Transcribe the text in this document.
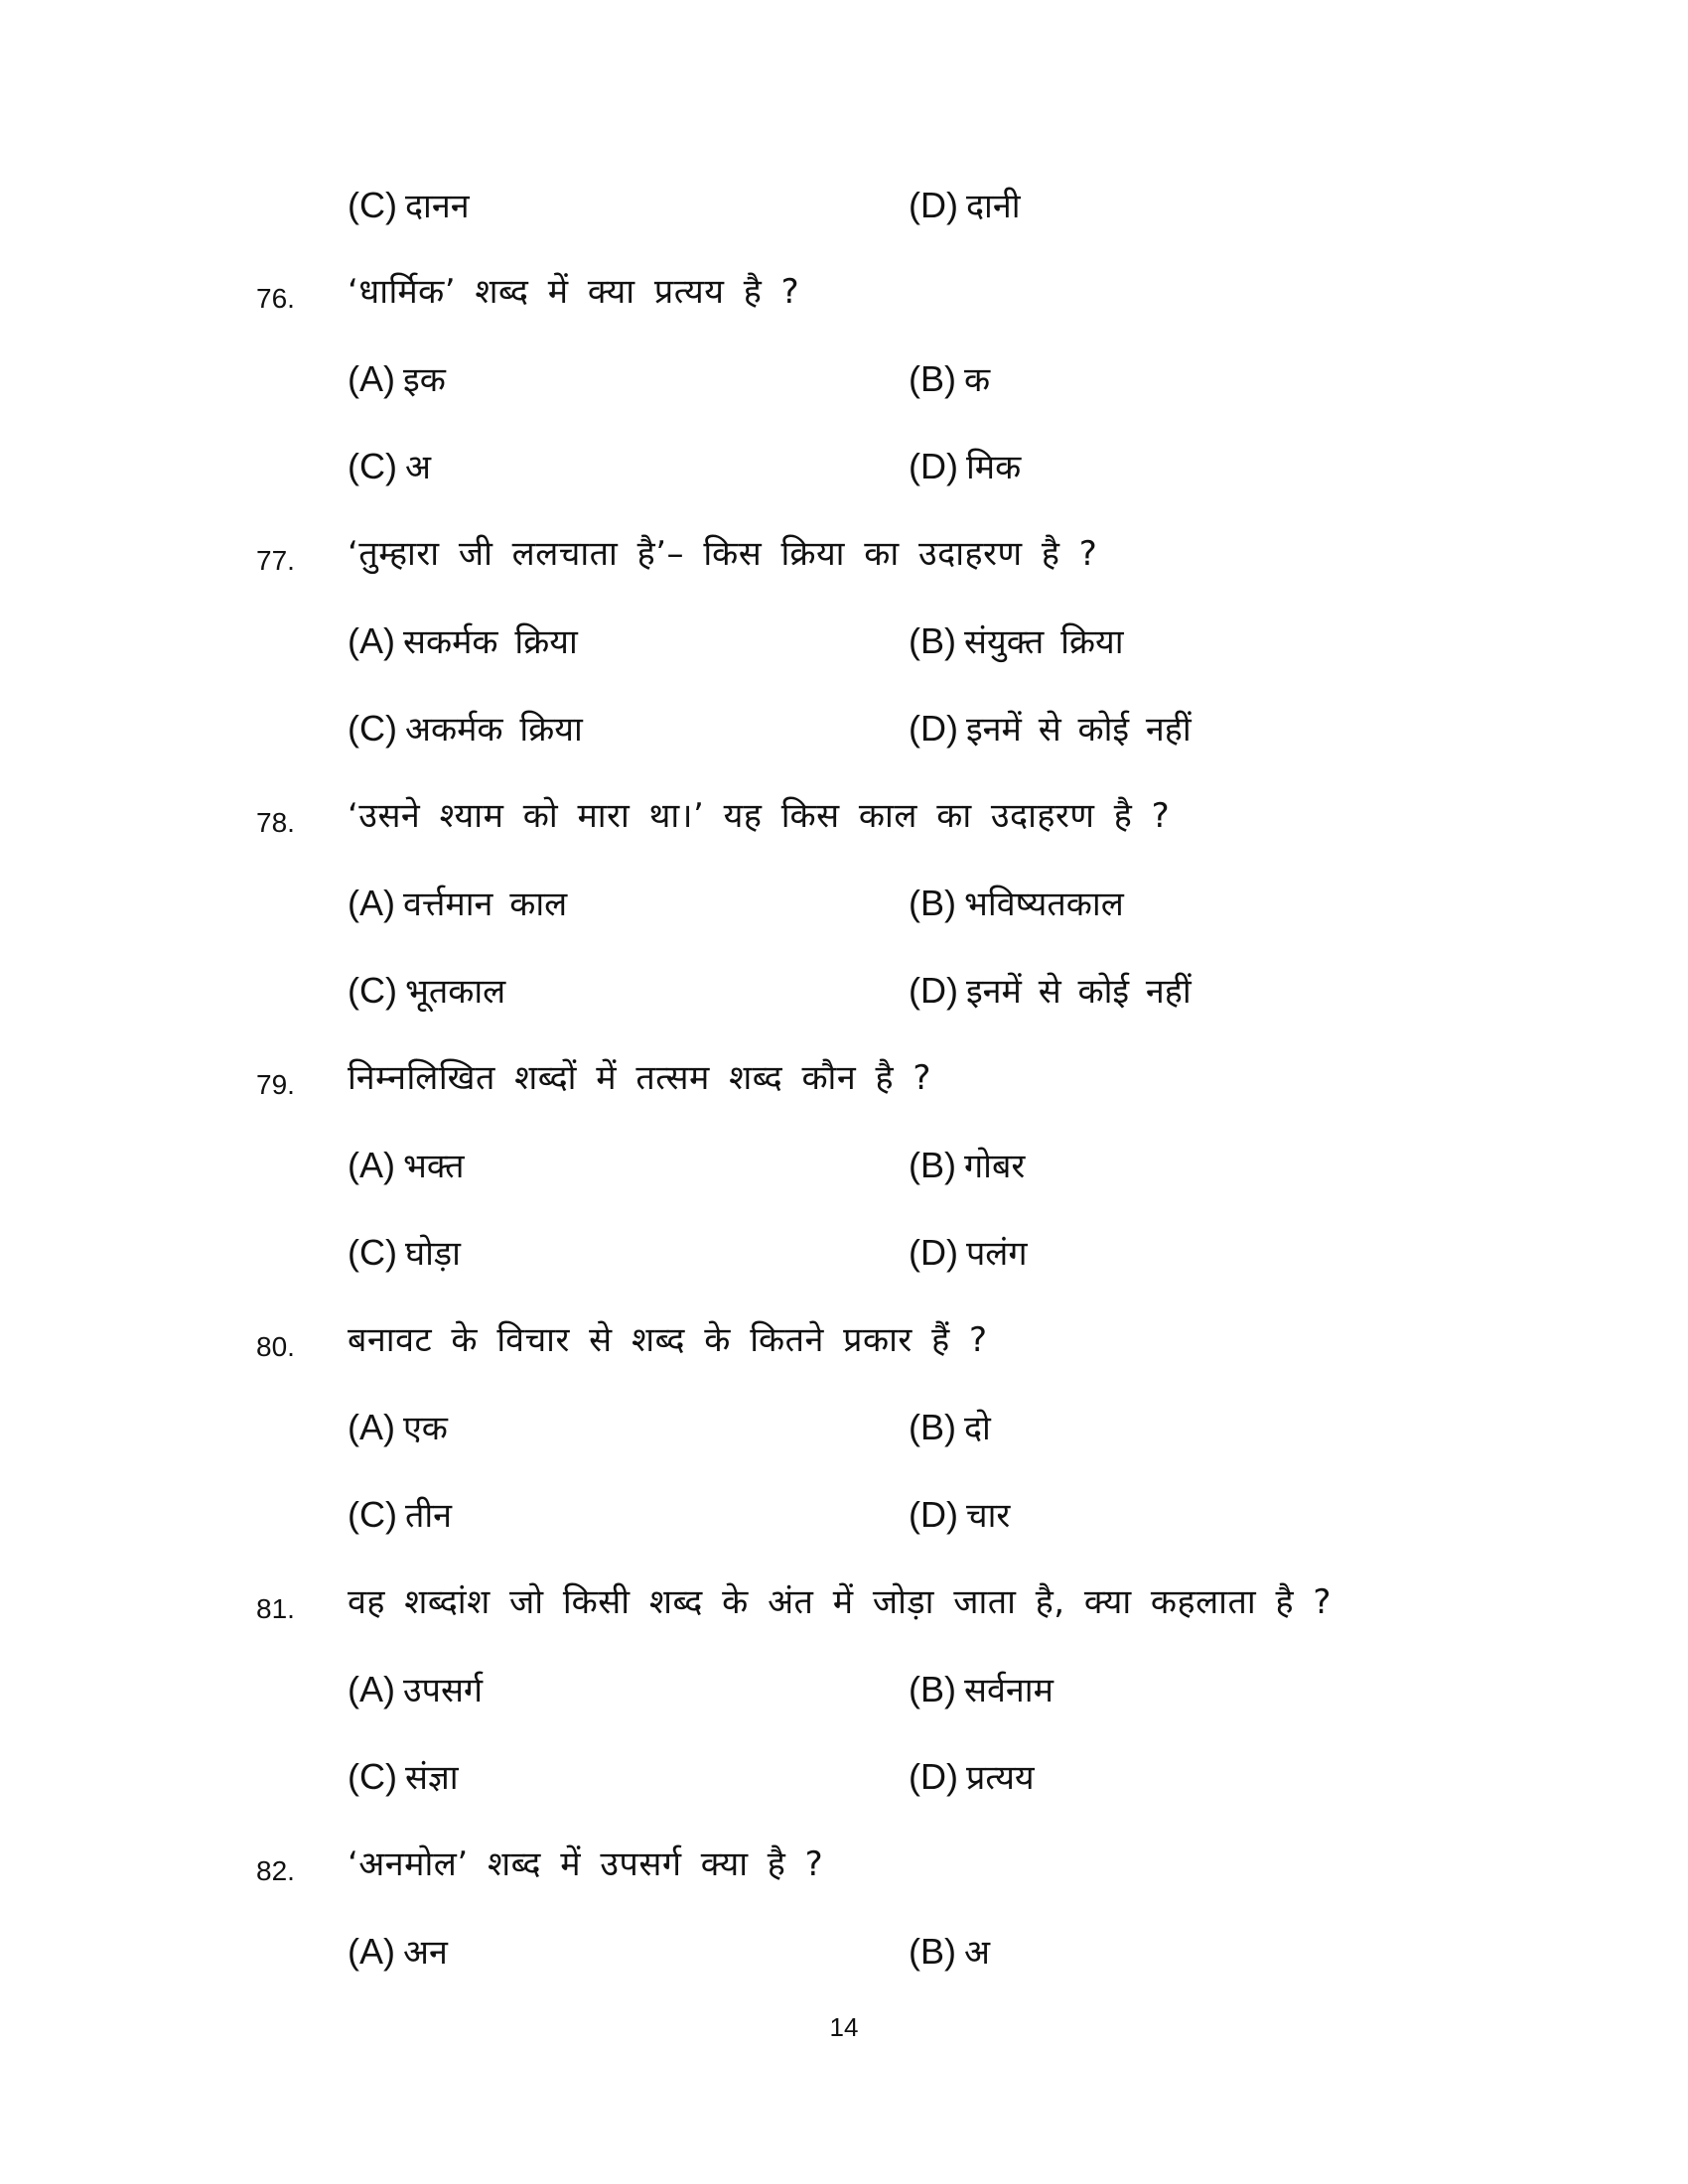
(C) दानन	(D) दानी
76. ‘धार्मिक’ शब्द में क्या प्रत्यय है ?
(A) इक	(B) क
(C) अ	(D) मिक
77. ‘तुम्हारा जी ललचाता है’– किस क्रिया का उदाहरण है ?
(A) सकर्मक क्रिया	(B) संयुक्त क्रिया
(C) अकर्मक क्रिया	(D) इनमें से कोई नहीं
78. ‘उसने श्याम को मारा था।’ यह किस काल का उदाहरण है ?
(A) वर्त्तमान काल	(B) भविष्यतकाल
(C) भूतकाल	(D) इनमें से कोई नहीं
79. निम्नलिखित शब्दों में तत्सम शब्द कौन है ?
(A) भक्त	(B) गोबर
(C) घोड़ा	(D) पलंग
80. बनावट के विचार से शब्द के कितने प्रकार हैं ?
(A) एक	(B) दो
(C) तीन	(D) चार
81. वह शब्दांश जो किसी शब्द के अंत में जोड़ा जाता है, क्या कहलाता है ?
(A) उपसर्ग	(B) सर्वनाम
(C) संज्ञा	(D) प्रत्यय
82. ‘अनमोल’ शब्द में उपसर्ग क्या है ?
(A) अन	(B) अ
14
